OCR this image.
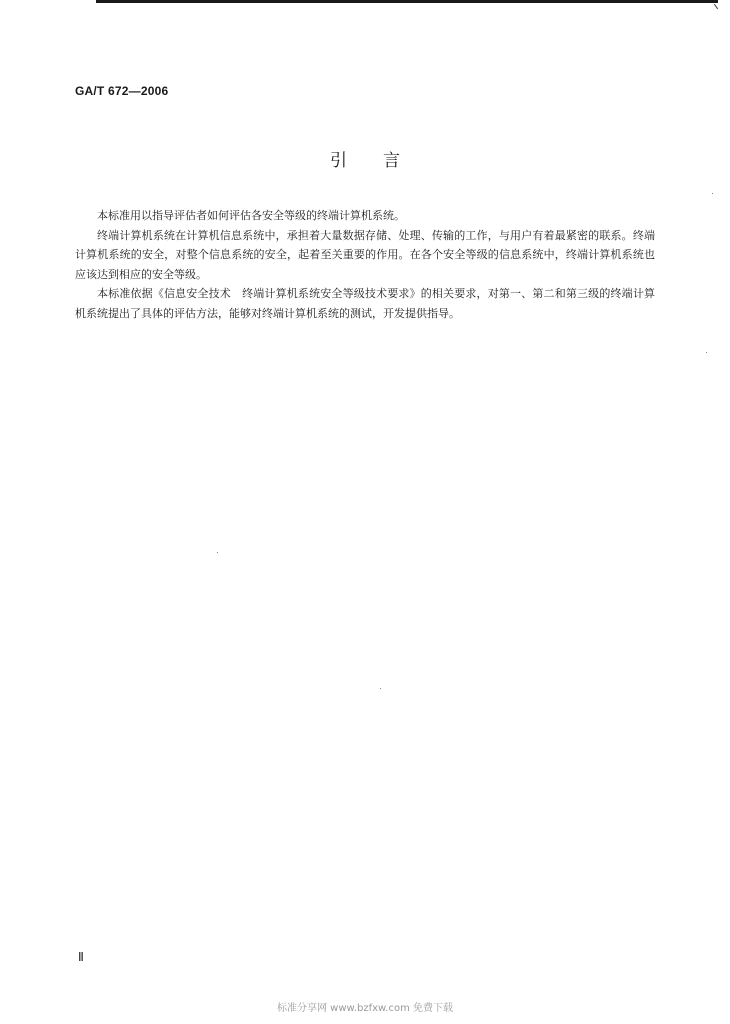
GA/T 672—2006
引言

本标准用以指导评估者如何评估各安全等级的终端计算机系统。

终端计算机系统在计算机信息系统中，承担着大量数据存储、处理、传输的工作，与用户有着最紧密的联系。终端计算机系统的安全，对整个信息系统的安全，起着至关重要的作用。在各个安全等级的信息系统中，终端计算机系统也应该达到相应的安全等级。

本标准依据《信息安全技术　终端计算机系统安全等级技术要求》的相关要求，对第一、第二和第三级的终端计算机系统提出了具体的评估方法，能够对终端计算机系统的测试，开发提供指导。

Ⅱ
标准分享网 www.bzfxw.com 免费下载
